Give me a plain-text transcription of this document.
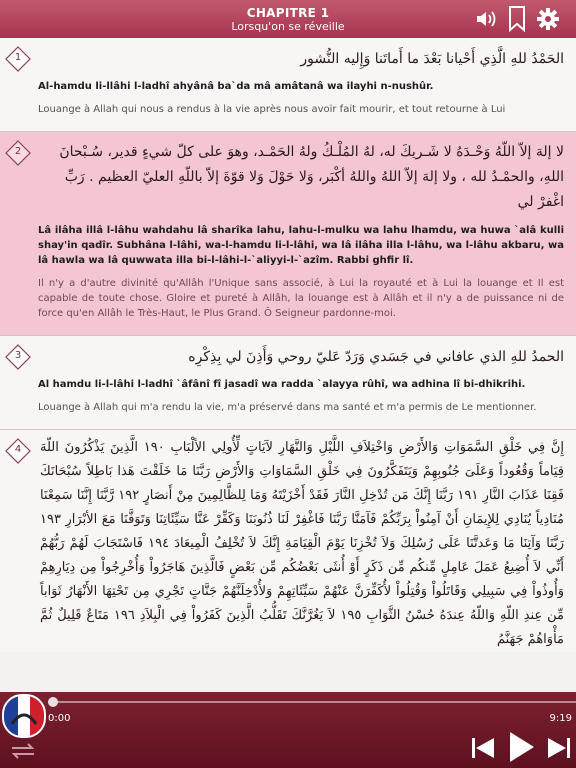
CHAPITRE 1
Lorsqu'on se réveille
1	الحَمْدُ للهِ الَّذِي أَحْيانا بَعْدَ ما أَماتَنا وَإِليه النُّشور
Al-hamdu li-llâhi l-ladhî ahyânâ ba`da mâ amâtanâ wa ilayhi n-nushûr.
Louange à Allah qui nous a rendus à la vie après nous avoir fait mourir, et tout retourne à Lui
2	لا إلهَ إلاّ اللّهُ وَحْـدَهُ لا شَـريكَ له، لهُ المُلْـكُ ولهُ الحَمْـد، وهوَ على كلّ شيءٍ قدير، سُـبْحانَ اللهِ، والحمْـدُ لله ، ولا إلهَ إلاّ اللهُ واللهُ أكْبَر، وَلا حَوْلَ وَلا قوّةَ إلاّ باللّهِ العليّ العظيم . رَبِّ اغْفرْ لي
Lâ ilâha illâ l-lâhu wahdahu lâ sharîka lahu, lahu-l-mulku wa lahu lhamdu, wa huwa `alâ kulli shay'in qadîr. Subhâna l-lâhi, wa-l-hamdu li-l-lâhi, wa lâ ilâha illa l-lâhu, wa l-lâhu akbaru, wa lâ hawla wa lâ quwwata illa bi-l-lâhi-l-`aliyyi-l-`azîm. Rabbi ghfir lî.
Il n'y a d'autre divinité qu'Allâh l'Unique sans associé, à Lui la royauté et à Lui la louange et Il est capable de toute chose. Gloire et pureté à Allâh, la louange est à Allâh et il n'y a de puissance ni de force qu'en Allâh le Très-Haut, le Plus Grand. Ô Seigneur pardonne-moi.
3	الحمدُ للهِ الذي عافاني في جَسَدي وَرَدّ عَليّ روحي وَأَذِنَ لي بِذِكْرِه
Al hamdu li-l-lâhi l-ladhî `âfânî fî jasadî wa radda `alayya rûhî, wa adhina lî bi-dhikrihi.
Louange à Allah qui m'a rendu la vie, m'a préservé dans ma santé et m'a permis de Le mentionner.
4	إِنَّ فِي خَلْقِ السَّمَوَاتِ وَالأَرْضِ وَاخْتِلاَفِ اللَّيْلِ وَالنَّهَارِ لآيَاتٍ لِّأُولِي الألْبَابِ ١٩٠ الَّذِينَ يَذْكُرُونَ اللّهَ قِيَاماً وَقُعُوداً وَعَلَىَ جُنُوبِهِمْ وَيَتَفَكَّرُونَ فِي خَلْقِ السَّمَاوَاتِ وَالأَرْضِ رَبَّنَا مَا خَلَقْتَ هَذا بَاطِلاً سُبْحَانَكَ فَقِنَا عَذَابَ النَّارِ ١٩١ رَبَّنَا إِنَّكَ مَن تُدْخِلِ النَّارَ فَقَدْ أَخْزَيْتَهُ وَمَا لِلظَّالِمِينَ مِنْ أَنصَارٍ ١٩٢ رَّبَّنَا إِنَّنَا سَمِعْنَا مُنَادِياً يُنَادِي لِلإِيمَانِ أَنْ آمِنُواْ بِرَبِّكُمْ فَآمَنَّا رَبَّنَا فَاغْفِرْ لَنَا ذُنُوبَنَا وَكَفِّرْ عَنَّا سَيِّئَاتِنَا وَتَوَفَّنَا مَعَ الأبْرَارِ ١٩٣ رَبَّنَا وَآتِنَا مَا وَعَدتَّنَا عَلَى رُسُلِكَ وَلاَ تُخْزِنَا يَوْمَ الْقِيَامَةِ إِنَّكَ لاَ تُخْلِفُ الْمِيعَادَ ١٩٤ فَاسْتَجَابَ لَهُمْ رَبُّهُمْ أَنِّي لاَ أُضِيعُ عَمَلَ عَامِلٍ مِّنكُم مِّن ذَكَرٍ أَوْ أُنثَى بَعْضُكُم مِّن بَعْضٍ فَالَّذِينَ هَاجَرُواْ وَأُخْرِجُواْ مِن دِيَارِهِمْ وَأُوذُواْ فِي سَبِيلِي وَقَاتَلُواْ وَقُتِلُواْ لأُكَفِّرَنَّ عَنْهُمْ سَيِّئَاتِهِمْ وَلأُدْخِلَنَّهُمْ جَنَّاتٍ تَجْرِي مِن تَحْتِهَا الأَنْهَارُ ثَوَاباً مِّن عِندِ اللّهِ وَاللّهُ عِندَهُ حُسْنُ الثَّوَابِ ١٩٥ لاَ يَغُرَّنَّكَ تَقَلُّبُ الَّذِينَ كَفَرُواْ فِي الْبِلاَدِ ١٩٦ مَتَاعٌ قَلِيلٌ ثُمَّ مَأْوَاهُمْ جَهَنَّمُ
0:00	9:19
